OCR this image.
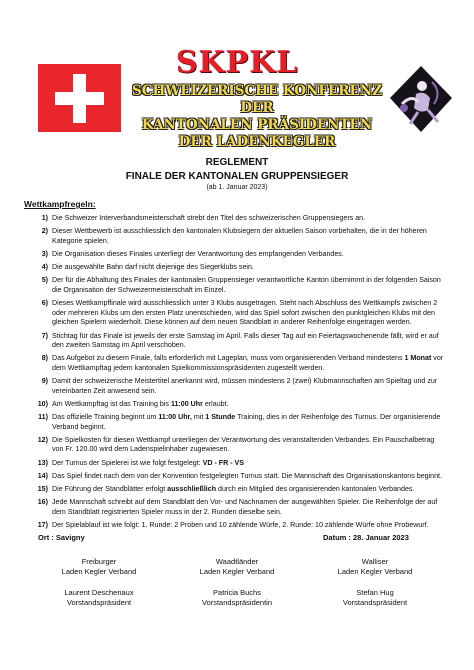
SKPKL
SCHWEIZERISCHE KONFERENZ DER
KANTONALEN PRÄSIDENTEN
DER LADENKEGLER
REGLEMENT
FINALE DER KANTONALEN GRUPPENSIEGER
(ab 1. Januar 2023)
Wettkampfregeln:
1) Die Schweizer Interverbandsmeisterschaft strebt den Titel des schweizerischen Gruppensiegers an.
2) Dieser Wettbewerb ist ausschliesslich den kantonalen Klubsiegern der aktuellen Saison vorbehalten, die in der höheren Kategorie spielen.
3) Die Organisation dieses Finales unterliegt der Verantwortung des empfangenden Verbandes.
4) Die ausgewählte Bahn darf nicht diejenige des Siegerklubs sein.
5) Der für die Abhaltung des Finales der kantonalen Gruppensieger verantwortliche Kanton übernimmt in der folgenden Saison die Organisation der Schweizermeisterschaft im Einzel.
6) Dieses Wettkampffinale wird ausschliesslich unter 3 Klubs ausgetragen. Steht nach Abschluss des Wettkampfs zwischen 2 oder mehreren Klubs um den ersten Platz unentschieden, wird das Spiel sofort zwischen den punktgleichen Klubs mit den gleichen Spielern wiederholt. Diese können auf dem neuen Standblatt in anderer Reihenfolge eingetragen werden.
7) Stichtag für das Finale ist jeweils der erste Samstag im April. Falls dieser Tag auf ein Feiertagswochenende fällt, wird er auf den zweiten Samstag im April verschoben.
8) Das Aufgebot zu diesem Finale, falls erforderlich mit Lageplan, muss vom organisierenden Verband mindestens 1 Monat vor dem Wettkampftag jedem kantonalen Spielkommissionspräsidenten zugestellt werden.
9) Damit der schweizerische Meistertitel anerkannt wird, müssen mindestens 2 (zwei) Klubmannschaften am Spieltag und zur vereinbarten Zeit anwesend sein.
10) Am Wettkampftag ist das Training bis 11:00 Uhr erlaubt.
11) Das offizielle Training beginnt um 11:00 Uhr, mit 1 Stunde Training, dies in der Reihenfolge des Turnus. Der organisierende Verband beginnt.
12) Die Spielkosten für diesen Wettkampf unterliegen der Verantwortung des veranstaltenden Verbandes. Ein Pauschalbetrag von Fr. 120.00 wird dem Ladenspielinhaber zugewiesen.
13) Der Turnus der Spielerei ist wie folgt festgelegt: VD - FR - VS
14) Das Spiel findet nach dem von der Konvention festgelegten Turnus statt. Die Mannschaft des Organisationskantons beginnt.
15) Die Führung der Standblätter erfolgt ausschließlich durch ein Mitglied des organisierenden kantonalen Verbandes.
16) Jede Mannschaft schreibt auf dem Standblatt den Vor- und Nachnamen der ausgewählten Spieler. Die Reihenfolge der auf dem Standblatt registrierten Spieler muss in der 2. Runden dieselbe sein.
17) Der Spielablauf ist wie folgt: 1. Runde: 2 Proben und 10 zählende Würfe, 2. Runde: 10 zählende Würfe ohne Probewurf.
Ort : Savigny	Datum : 28. Januar 2023
Freiburger
Laden Kegler Verband
Waadtländer
Laden Kegler Verband
Walliser
Laden Kegler Verband
Laurent Deschenaux
Vorstandspräsident
Patricia Buchs
Vorstandspräsidentin
Stefan Hug
Vorstandspräsident
